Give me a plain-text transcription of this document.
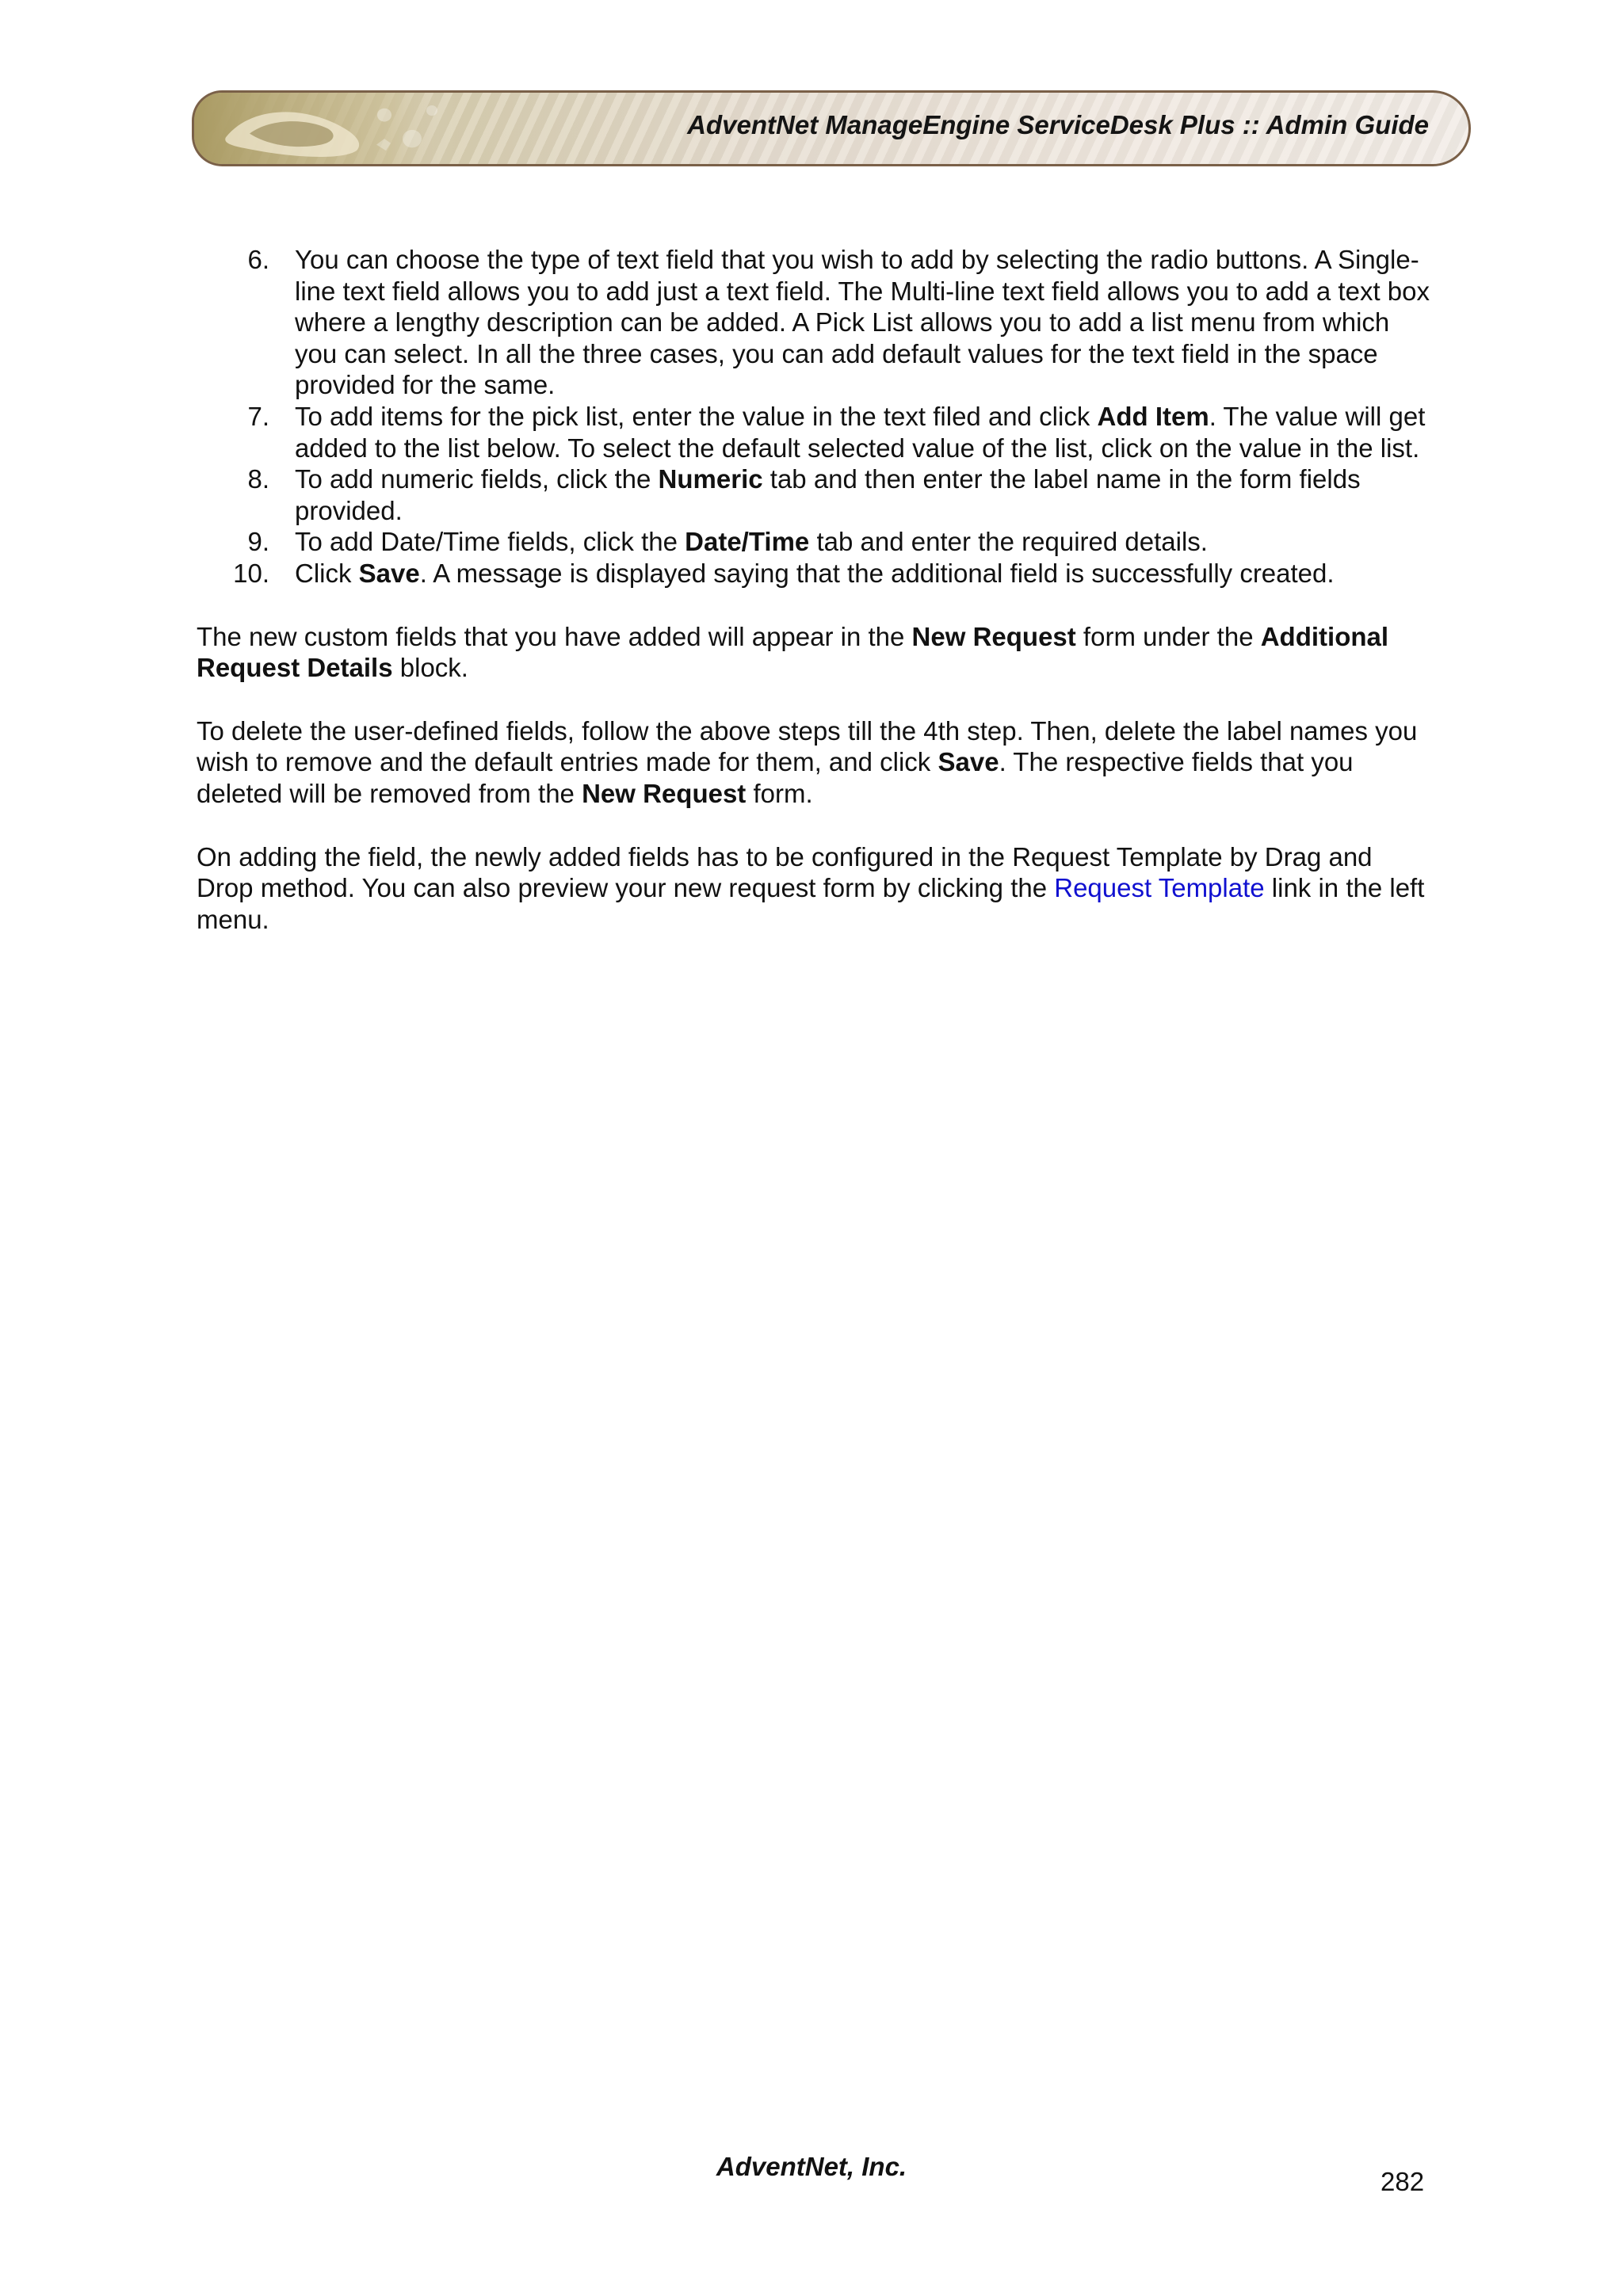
AdventNet ManageEngine ServiceDesk Plus :: Admin Guide
6. You can choose the type of text field that you wish to add by selecting the radio buttons. A Single-line text field allows you to add just a text field. The Multi-line text field allows you to add a text box where a lengthy description can be added. A Pick List allows you to add a list menu from which you can select. In all the three cases, you can add default values for the text field in the space provided for the same.
7. To add items for the pick list, enter the value in the text filed and click Add Item. The value will get added to the list below. To select the default selected value of the list, click on the value in the list.
8. To add numeric fields, click the Numeric tab and then enter the label name in the form fields provided.
9. To add Date/Time fields, click the Date/Time tab and enter the required details.
10. Click Save. A message is displayed saying that the additional field is successfully created.

The new custom fields that you have added will appear in the New Request form under the Additional Request Details block.

To delete the user-defined fields, follow the above steps till the 4th step. Then, delete the label names you wish to remove and the default entries made for them, and click Save. The respective fields that you deleted will be removed from the New Request form.

On adding the field, the newly added fields has to be configured in the Request Template by Drag and Drop method. You can also preview your new request form by clicking the Request Template link in the left menu.

AdventNet, Inc.
282
